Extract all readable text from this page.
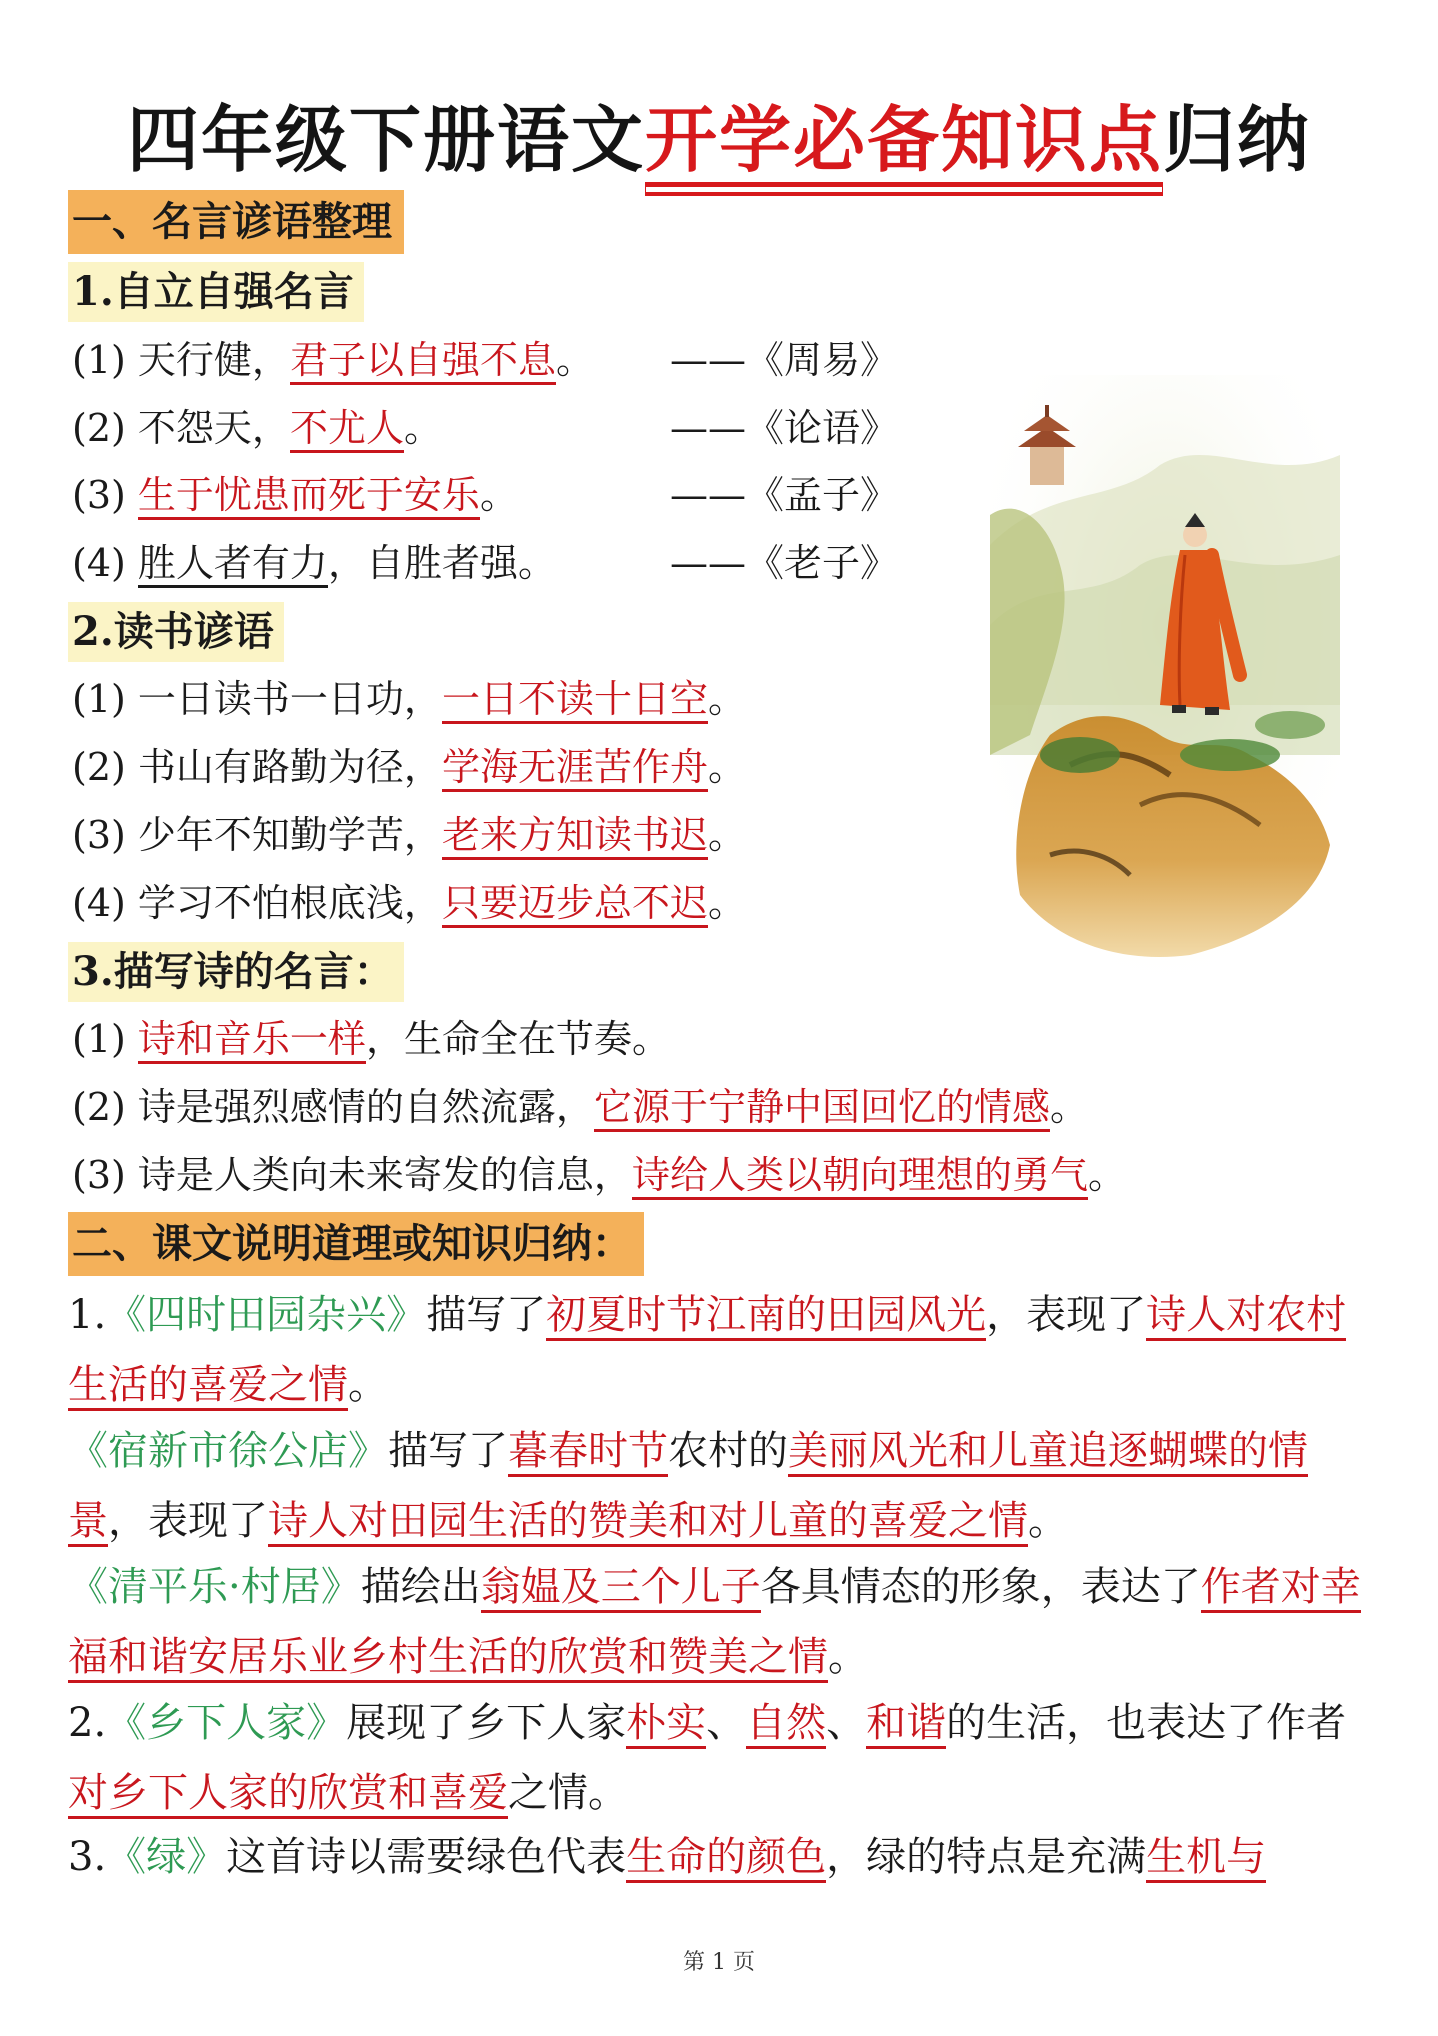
四年级下册语文开学必备知识点归纳
一、名言谚语整理
1.自立自强名言
(1) 天行健，君子以自强不息。 ——《周易》
(2) 不怨天，不尤人。	——《论语》
(3) 生于忧患而死于安乐。	——《孟子》
(4) 胜人者有力，自胜者强。	——《老子》
2.读书谚语
(1) 一日读书一日功，一日不读十日空。
(2) 书山有路勤为径，学海无涯苦作舟。
(3) 少年不知勤学苦，老来方知读书迟。
(4) 学习不怕根底浅，只要迈步总不迟。
3.描写诗的名言：
(1) 诗和音乐一样，生命全在节奏。
(2) 诗是强烈感情的自然流露，它源于宁静中国回忆的情感。
(3) 诗是人类向未来寄发的信息，诗给人类以朝向理想的勇气。
二、课文说明道理或知识归纳：
1.《四时田园杂兴》描写了初夏时节江南的田园风光，表现了诗人对农村生活的喜爱之情。
《宿新市徐公店》描写了暮春时节农村的美丽风光和儿童追逐蝴蝶的情景，表现了诗人对田园生活的赞美和对儿童的喜爱之情。
《清平乐·村居》描绘出翁媪及三个儿子各具情态的形象，表达了作者对幸福和谐安居乐业乡村生活的欣赏和赞美之情。
2.《乡下人家》展现了乡下人家朴实、自然、和谐的生活，也表达了作者对乡下人家的欣赏和喜爱之情。
3.《绿》这首诗以需要绿色代表生命的颜色，绿的特点是充满生机与
第 1 页
